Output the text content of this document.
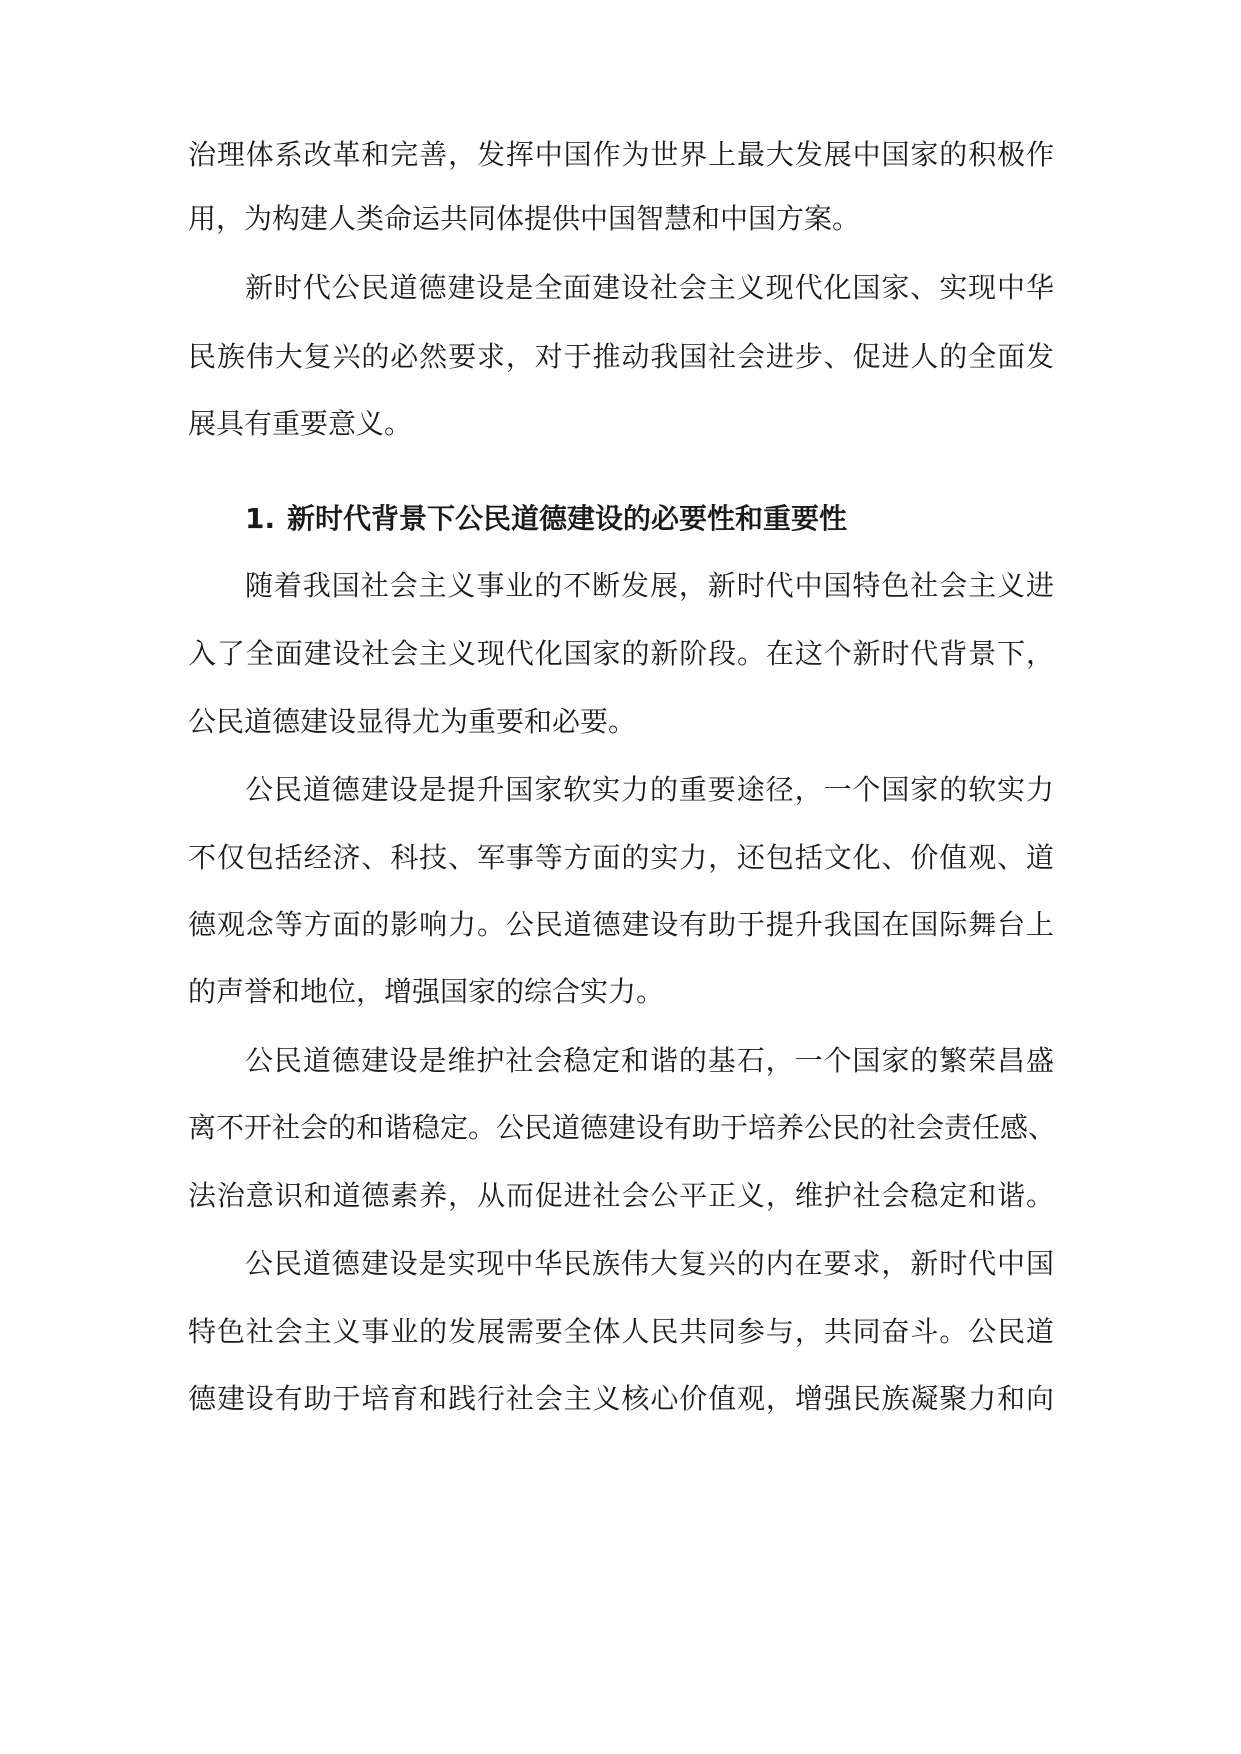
治理体系改革和完善，发挥中国作为世界上最大发展中国家的积极作
用，为构建人类命运共同体提供中国智慧和中国方案。
新时代公民道德建设是全面建设社会主义现代化国家、实现中华
民族伟大复兴的必然要求，对于推动我国社会进步、促进人的全面发
展具有重要意义。
1. 新时代背景下公民道德建设的必要性和重要性
随着我国社会主义事业的不断发展，新时代中国特色社会主义进
入了全面建设社会主义现代化国家的新阶段。在这个新时代背景下，
公民道德建设显得尤为重要和必要。
公民道德建设是提升国家软实力的重要途径，一个国家的软实力
不仅包括经济、科技、军事等方面的实力，还包括文化、价值观、道
德观念等方面的影响力。公民道德建设有助于提升我国在国际舞台上
的声誉和地位，增强国家的综合实力。
公民道德建设是维护社会稳定和谐的基石，一个国家的繁荣昌盛
离不开社会的和谐稳定。公民道德建设有助于培养公民的社会责任感、
法治意识和道德素养，从而促进社会公平正义，维护社会稳定和谐。
公民道德建设是实现中华民族伟大复兴的内在要求，新时代中国
特色社会主义事业的发展需要全体人民共同参与，共同奋斗。公民道
德建设有助于培育和践行社会主义核心价值观，增强民族凝聚力和向
